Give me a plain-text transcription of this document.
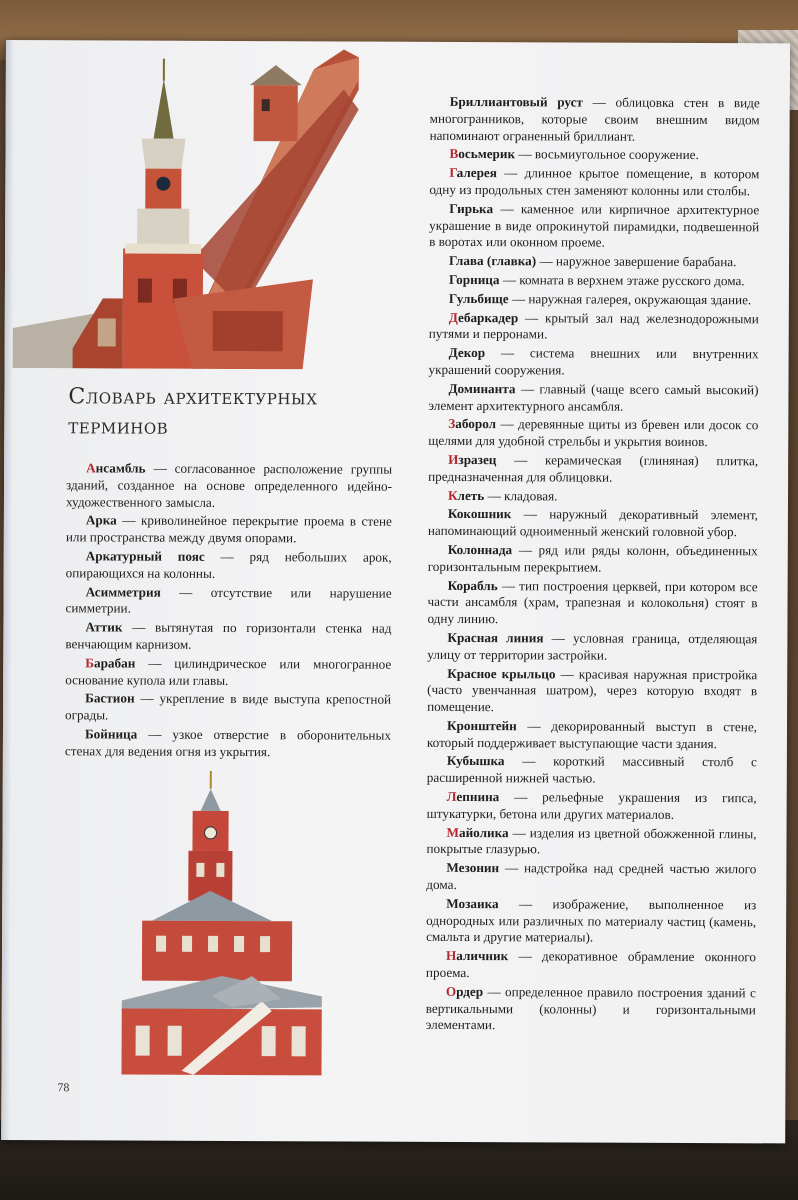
Словарь архитектурных терминов

Ансамбль — согласованное расположение группы зданий, созданное на основе определенного идейно-художественного замысла.

Арка — криволинейное перекрытие проема в стене или пространства между двумя опорами.

Аркатурный пояс — ряд небольших арок, опирающихся на колонны.

Асимметрия — отсутствие или нарушение симметрии.

Аттик — вытянутая по горизонтали стенка над венчающим карнизом.

Барабан — цилиндрическое или многогранное основание купола или главы.

Бастион — укрепление в виде выступа крепостной ограды.

Бойница — узкое отверстие в оборонительных стенах для ведения огня из укрытия.

Бриллиантовый руст — облицовка стен в виде многогранников, которые своим внешним видом напоминают ограненный бриллиант.

Восьмерик — восьмиугольное сооружение.

Галерея — длинное крытое помещение, в котором одну из продольных стен заменяют колонны или столбы.

Гирька — каменное или кирпичное архитектурное украшение в виде опрокинутой пирамидки, подвешенной в воротах или оконном проеме.

Глава (главка) — наружное завершение барабана.

Горница — комната в верхнем этаже русского дома.

Гульбище — наружная галерея, окружающая здание.

Дебаркадер — крытый зал над железнодорожными путями и перронами.

Декор — система внешних или внутренних украшений сооружения.

Доминанта — главный (чаще всего самый высокий) элемент архитектурного ансамбля.

Заборол — деревянные щиты из бревен или досок со щелями для удобной стрельбы и укрытия воинов.

Изразец — керамическая (глиняная) плитка, предназначенная для облицовки.

Клеть — кладовая.

Кокошник — наружный декоративный элемент, напоминающий одноименный женский головной убор.

Колоннада — ряд или ряды колонн, объединенных горизонтальным перекрытием.

Корабль — тип построения церквей, при котором все части ансамбля (храм, трапезная и колокольня) стоят в одну линию.

Красная линия — условная граница, отделяющая улицу от территории застройки.

Красное крыльцо — красивая наружная пристройка (часто увенчанная шатром), через которую входят в помещение.

Кронштейн — декорированный выступ в стене, который поддерживает выступающие части здания.

Кубышка — короткий массивный столб с расширенной нижней частью.

Лепнина — рельефные украшения из гипса, штукатурки, бетона или других материалов.

Майолика — изделия из цветной обожженной глины, покрытые глазурью.

Мезонин — надстройка над средней частью жилого дома.

Мозаика — изображение, выполненное из однородных или различных по материалу частиц (камень, смальта и другие материалы).

Наличник — декоративное обрамление оконного проема.

Ордер — определенное правило построения зданий с вертикальными (колонны) и горизонтальными элементами.

78
